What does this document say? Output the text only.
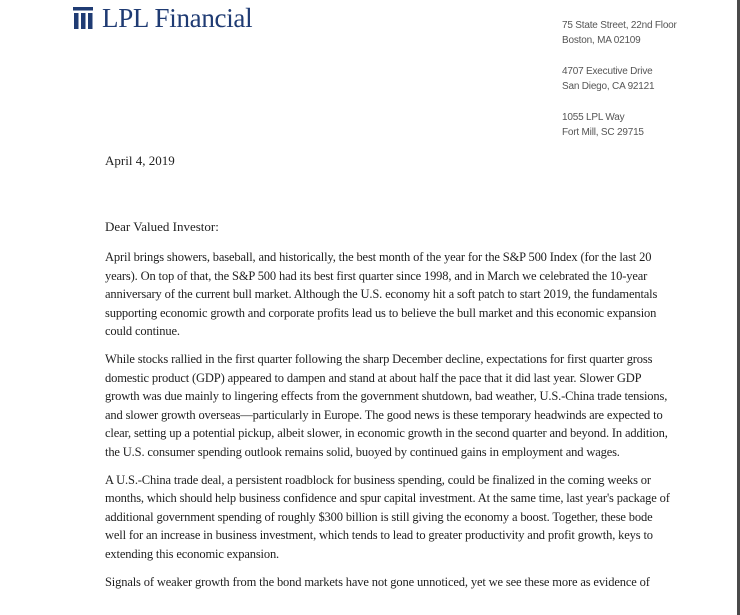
LPL Financial	75 State Street, 22nd Floor
Boston, MA 02109
4707 Executive Drive
San Diego, CA 92121
1055 LPL Way
Fort Mill, SC 29715
April 4, 2019
Dear Valued Investor:

April brings showers, baseball, and historically, the best month of the year for the S&P 500 Index (for the last 20 years). On top of that, the S&P 500 had its best first quarter since 1998, and in March we celebrated the 10-year anniversary of the current bull market. Although the U.S. economy hit a soft patch to start 2019, the fundamentals supporting economic growth and corporate profits lead us to believe the bull market and this economic expansion could continue.

While stocks rallied in the first quarter following the sharp December decline, expectations for first quarter gross domestic product (GDP) appeared to dampen and stand at about half the pace that it did last year. Slower GDP growth was due mainly to lingering effects from the government shutdown, bad weather, U.S.-China trade tensions, and slower growth overseas—particularly in Europe. The good news is these temporary headwinds are expected to clear, setting up a potential pickup, albeit slower, in economic growth in the second quarter and beyond. In addition, the U.S. consumer spending outlook remains solid, buoyed by continued gains in employment and wages.

A U.S.-China trade deal, a persistent roadblock for business spending, could be finalized in the coming weeks or months, which should help business confidence and spur capital investment. At the same time, last year's package of additional government spending of roughly $300 billion is still giving the economy a boost. Together, these bode well for an increase in business investment, which tends to lead to greater productivity and profit growth, keys to extending this economic expansion.

Signals of weaker growth from the bond markets have not gone unnoticed, yet we see these more as evidence of
